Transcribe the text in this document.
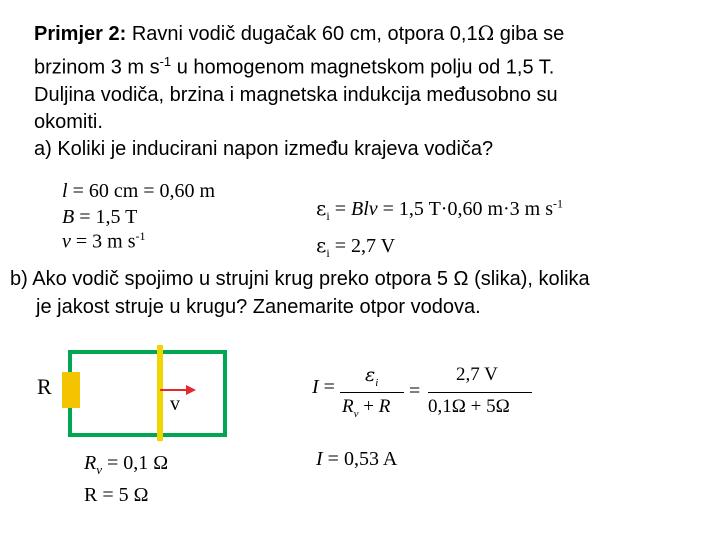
Primjer 2: Ravni vodič dugačak 60 cm, otpora 0,1Ω giba se
brzinom 3 m $s^{-1}$ u homogenom magnetskom polju od 1,5 T.
Duljina vodiča, brzina i magnetska indukcija međusobno su
okomiti.
a) Koliki je inducirani napon između krajeva vodiča?
l = 60 cm = 0,60 m
B = 1,5 T
v = 3 m $s^{-1}$
$\varepsilon_i$ = Blv = 1,5 T·0,60 m·3 m $s^{-1}$
$\varepsilon_i = 2,7$ V
b) Ako vodič spojimo u strujni krug preko otpora 5 Ω (slika), kolika
je jakost struje u krugu? Zanemarite otpor vodova.
R
v
$R_v = 0,1$ Ω
R = 5 Ω
I =
$\varepsilon_i$
$R_v + R$
=
2,7 V
0,1Ω + 5Ω
I = 0,53 A
